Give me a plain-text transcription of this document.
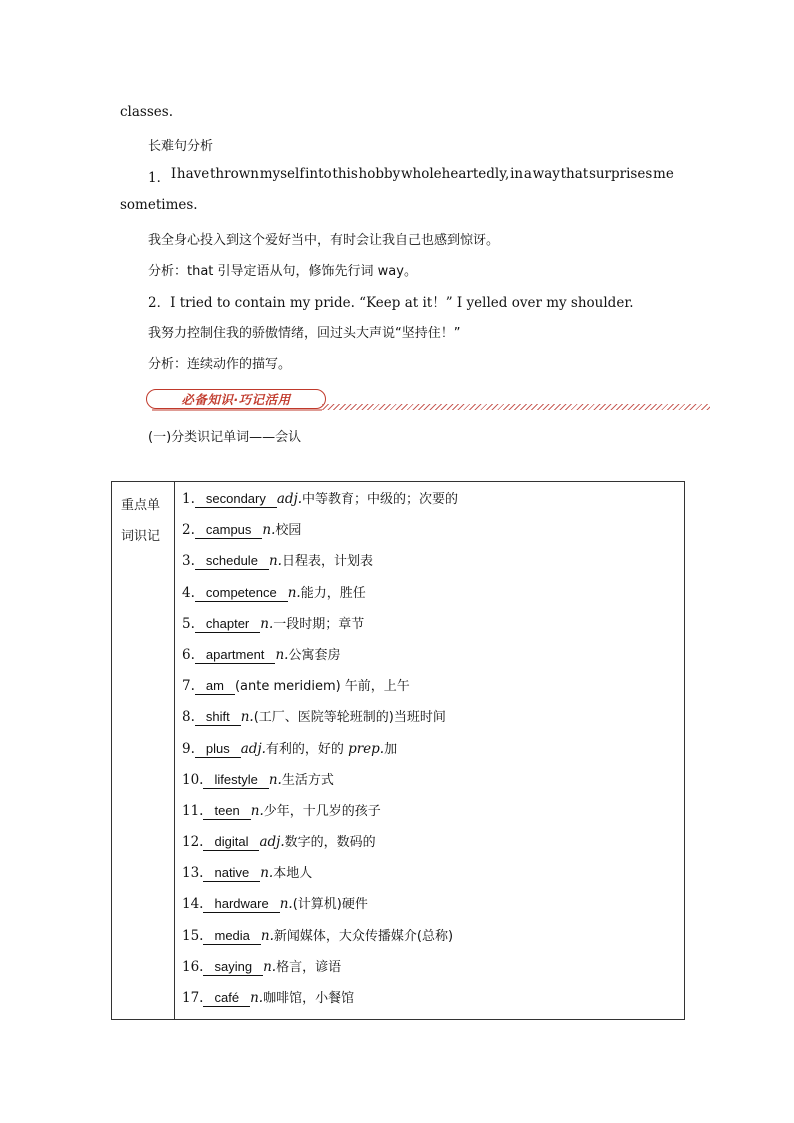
classes.
长难句分析
1． I have thrown myself into this hobby wholeheartedly, in a way that surprises me
sometimes.
我全身心投入到这个爱好当中，有时会让我自己也感到惊讶。
分析：that 引导定语从句，修饰先行词 way。
2．I tried to contain my pride. “Keep at it！” I yelled over my shoulder.
我努力控制住我的骄傲情绪，回过头大声说“坚持住！”
分析：连续动作的描写。
必备知识·巧记活用
(一)分类识记单词——会认
重点单
词识记

1. secondary adj.中等教育；中级的；次要的
2. campus n.校园
3. schedule n.日程表，计划表
4. competence n.能力，胜任
5. chapter n.一段时期；章节
6. apartment n.公寓套房
7. am (ante meridiem) 午前，上午
8. shift n.(工厂、医院等轮班制的)当班时间
9. plus adj.有利的，好的 prep.加
10. lifestyle n.生活方式
11. teen n.少年，十几岁的孩子
12. digital adj.数字的，数码的
13. native n.本地人
14. hardware n.(计算机)硬件
15. media n.新闻媒体，大众传播媒介(总称)
16. saying n.格言，谚语
17. café n.咖啡馆，小餐馆
